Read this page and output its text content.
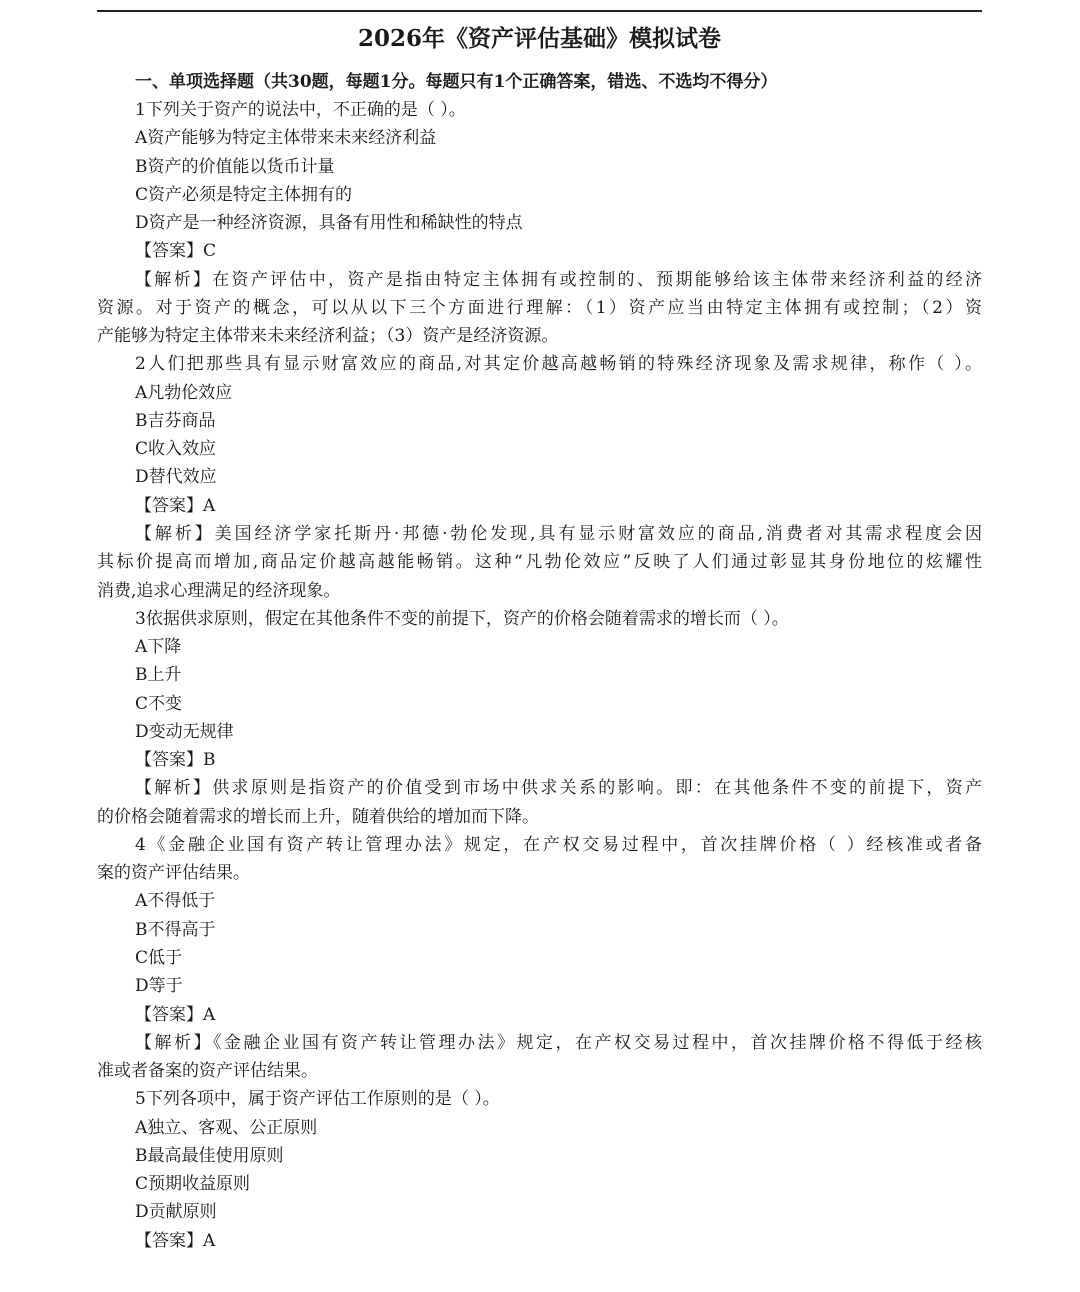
2026年《资产评估基础》模拟试卷
一、单项选择题（共30题，每题1分。每题只有1个正确答案，错选、不选均不得分）
1下列关于资产的说法中，不正确的是（ ）。
A资产能够为特定主体带来未来经济利益
B资产的价值能以货币计量
C资产必须是特定主体拥有的
D资产是一种经济资源，具备有用性和稀缺性的特点
【答案】C
【解析】在资产评估中，资产是指由特定主体拥有或控制的、预期能够给该主体带来经济利益的经济
资源。对于资产的概念，可以从以下三个方面进行理解：（1）资产应当由特定主体拥有或控制；（2）资
产能够为特定主体带来未来经济利益；（3）资产是经济资源。
2人们把那些具有显示财富效应的商品,对其定价越高越畅销的特殊经济现象及需求规律，称作（ ）。
A凡勃伦效应
B吉芬商品
C收入效应
D替代效应
【答案】A
【解析】美国经济学家托斯丹·邦德·勃伦发现,具有显示财富效应的商品,消费者对其需求程度会因
其标价提高而增加,商品定价越高越能畅销。这种“凡勃伦效应”反映了人们通过彰显其身份地位的炫耀性
消费,追求心理满足的经济现象。
3依据供求原则，假定在其他条件不变的前提下，资产的价格会随着需求的增长而（ ）。
A下降
B上升
C不变
D变动无规律
【答案】B
【解析】供求原则是指资产的价值受到市场中供求关系的影响。即：在其他条件不变的前提下，资产
的价格会随着需求的增长而上升，随着供给的增加而下降。
4《金融企业国有资产转让管理办法》规定，在产权交易过程中，首次挂牌价格（ ）经核准或者备
案的资产评估结果。
A不得低于
B不得高于
C低于
D等于
【答案】A
【解析】《金融企业国有资产转让管理办法》规定，在产权交易过程中，首次挂牌价格不得低于经核
准或者备案的资产评估结果。
5下列各项中，属于资产评估工作原则的是（ ）。
A独立、客观、公正原则
B最高最佳使用原则
C预期收益原则
D贡献原则
【答案】A
